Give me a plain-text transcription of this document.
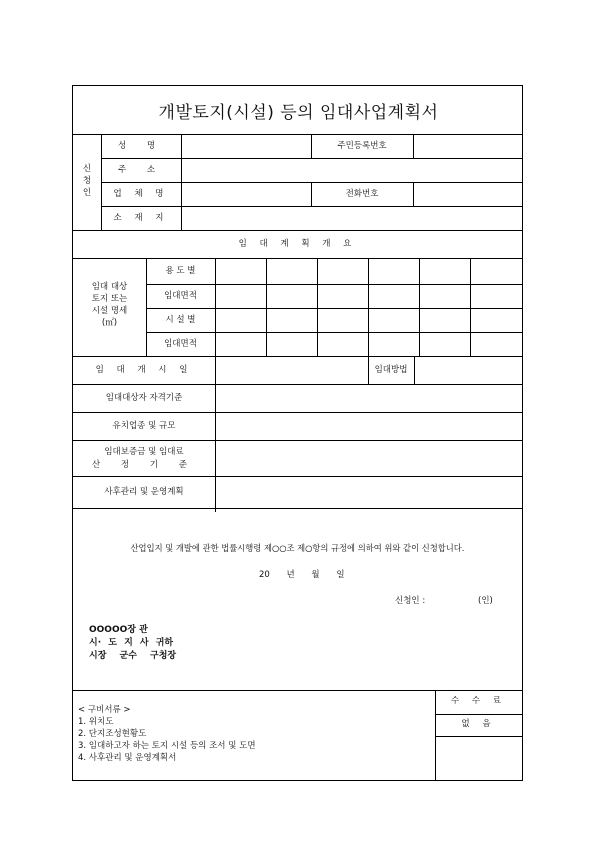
개발토지(시설) 등의 임대사업계획서
신
청
인
성 명	주민등록번호
주 소
업 체 명	전화번호
소 재 지
임 대 계 획 개 요
임대 대상
토지 또는
시설 명세
(㎡)
용 도 별
임대면적
시 설 별
임대면적
임 대 개 시 일	임대방법
임대대상자 자격기준
유치업종 및 규모
임대보증금 및 임대료
산 정 기 준
사후관리 및 운영계획
산업입지 및 개발에 관한 법률시행령 제○○조 제○항의 규정에 의하여 위와 같이 신청합니다.
20 년 월 일
신청인 :	(인)
OOOOO장 관
시· 도 지 사 귀하
시장 군수 구청장
< 구비서류 >
1. 위치도
2. 단지조성현황도
3. 임대하고자 하는 토지 시설 등의 조서 및 도면
4. 사후관리 및 운영계획서
수 수 료
없 음
